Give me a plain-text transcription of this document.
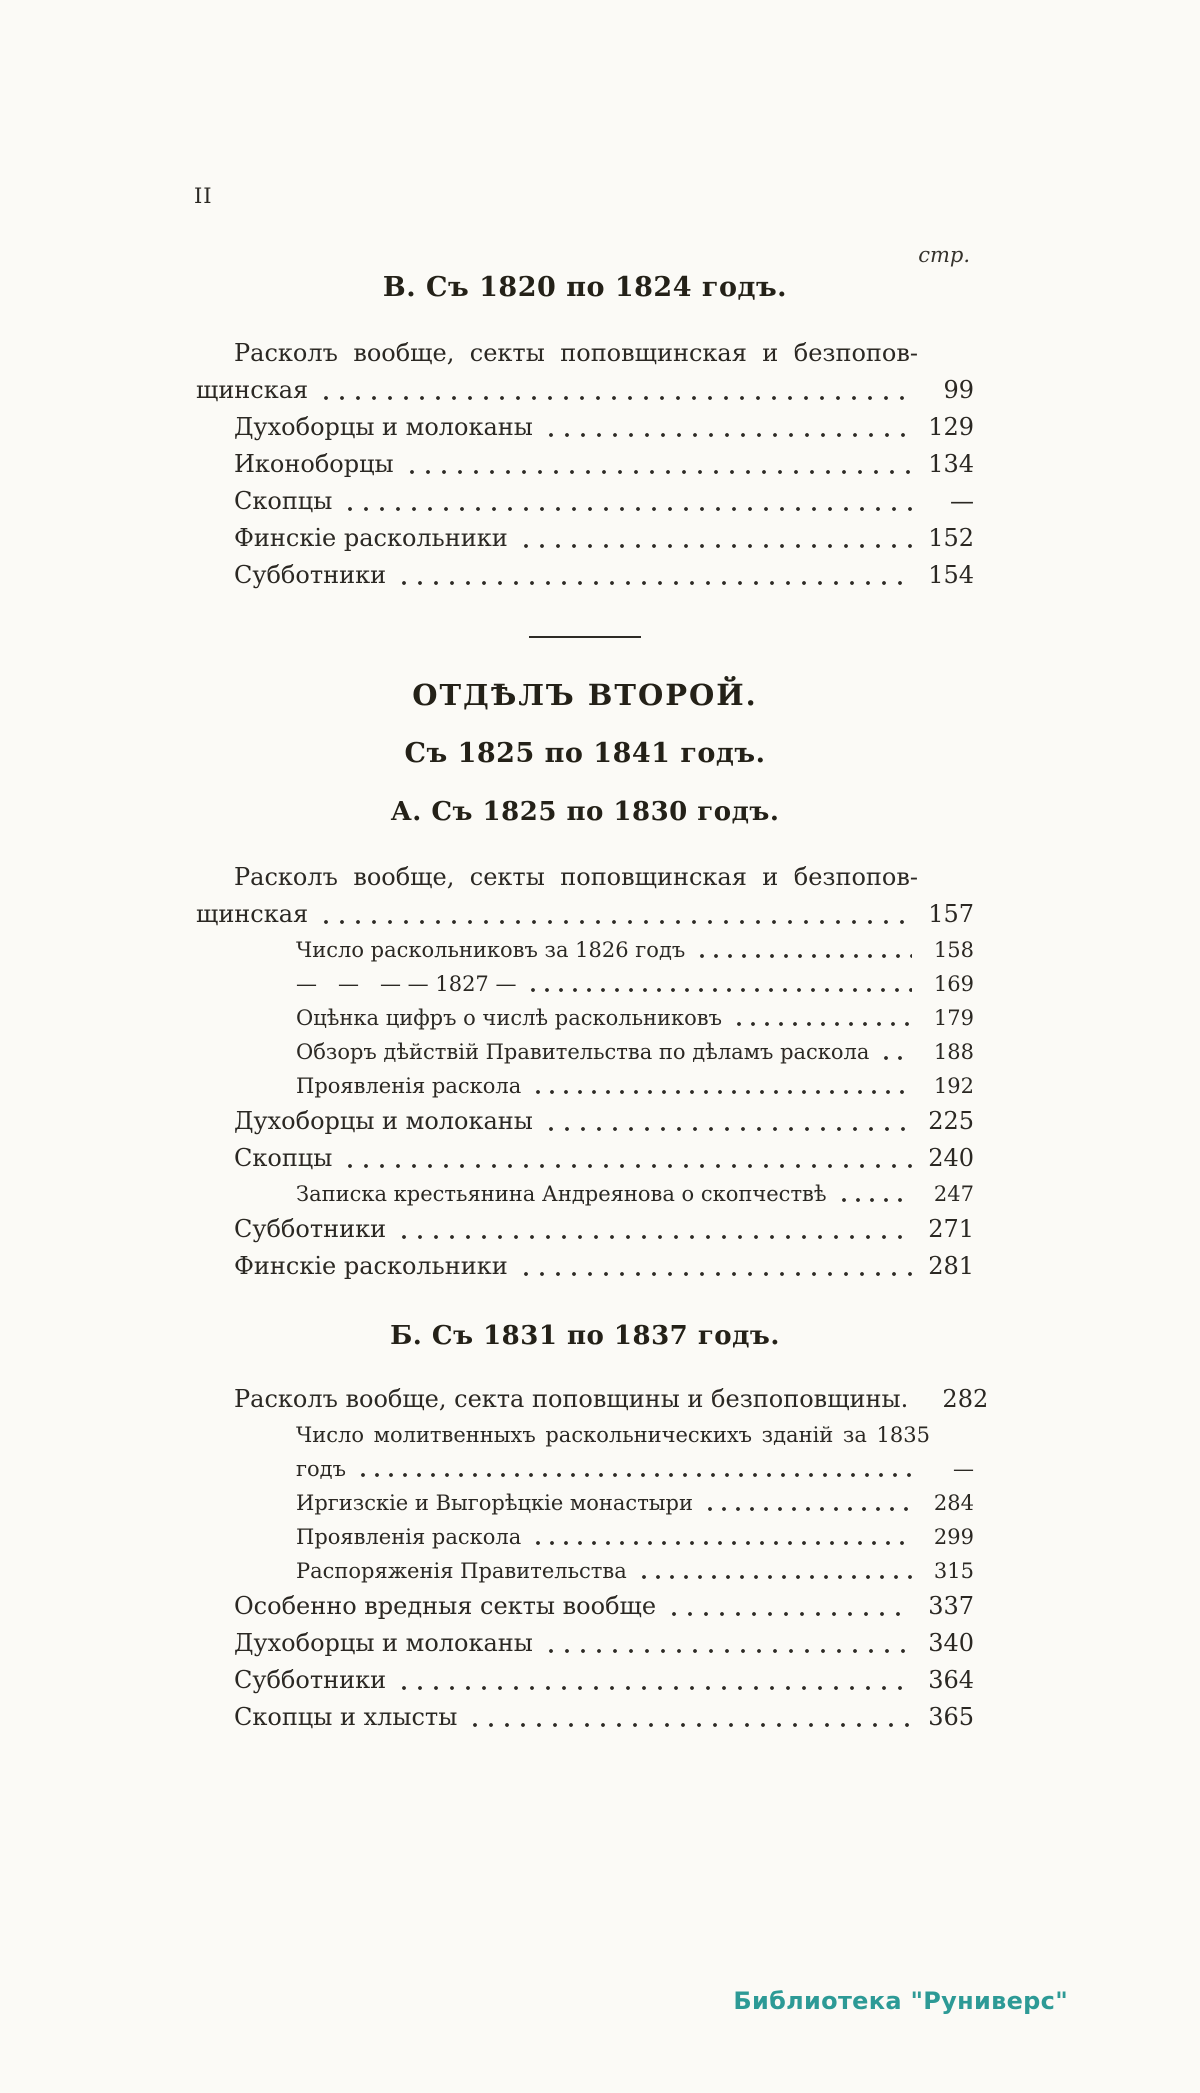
II
стр.
В. Съ 1820 по 1824 годъ.
Расколъ вообще, секты поповщинская и безпопов-
щинская	99
Духоборцы и молоканы	129
Иконоборцы	134
Скопцы	—
Финскіе раскольники	152
Субботники	154
ОТДѢЛЪ ВТОРОЙ.
Съ 1825 по 1841 годъ.
А. Съ 1825 по 1830 годъ.
Расколъ вообще, секты поповщинская и безпопов-
щинская	157
Число раскольниковъ за 1826 годъ	158
— — — — 1827 —	169
Оцѣнка цифръ о числѣ раскольниковъ	179
Обзоръ дѣйствій Правительства по дѣламъ раскола	188
Проявленія раскола	192
Духоборцы и молоканы	225
Скопцы	240
Записка крестьянина Андреянова о скопчествѣ	247
Субботники	271
Финскіе раскольники	281
Б. Съ 1831 по 1837 годъ.
Расколъ вообще, секта поповщины и безпоповщины.	282
Число молитвенныхъ раскольническихъ зданій за 1835
годъ	—
Иргизскіе и Выгорѣцкіе монастыри	284
Проявленія раскола	299
Распоряженія Правительства	315
Особенно вредныя секты вообще	337
Духоборцы и молоканы	340
Субботники	364
Скопцы и хлысты	365
Библиотека "Руниверс"
